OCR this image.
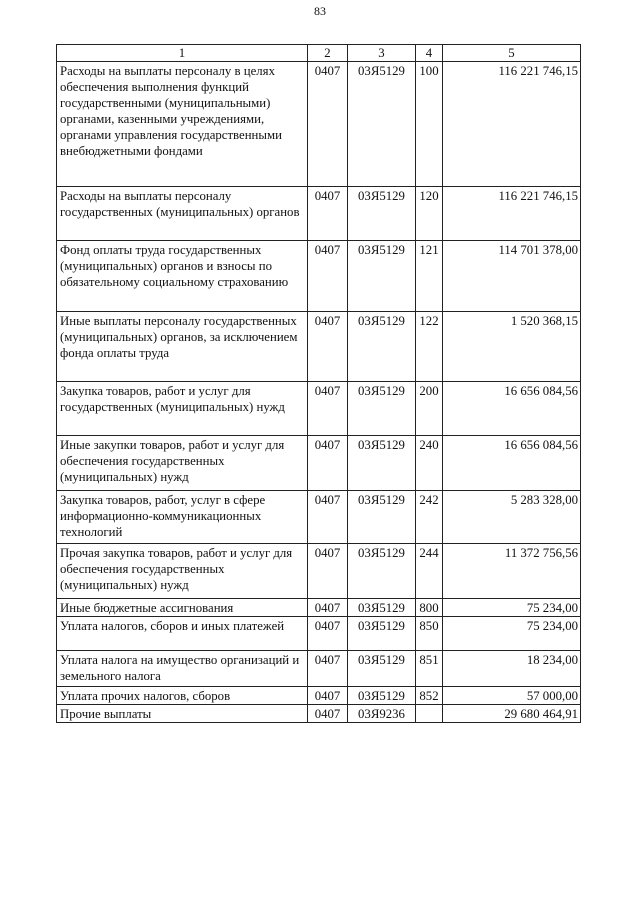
83
1	2	3	4	5
Расходы на выплаты персоналу в целях обеспечения выполнения функций государственными (муниципальными) органами, казенными учреждениями, органами управления государственными внебюджетными фондами	0407	03Я5129	100	116 221 746,15
Расходы на выплаты персоналу государственных (муниципальных) органов	0407	03Я5129	120	116 221 746,15
Фонд оплаты труда государственных (муниципальных) органов и взносы по обязательному социальному страхованию	0407	03Я5129	121	114 701 378,00
Иные выплаты персоналу государственных (муниципальных) органов, за исключением фонда оплаты труда	0407	03Я5129	122	1 520 368,15
Закупка товаров, работ и услуг для государственных (муниципальных) нужд	0407	03Я5129	200	16 656 084,56
Иные закупки товаров, работ и услуг для обеспечения государственных (муниципальных) нужд	0407	03Я5129	240	16 656 084,56
Закупка товаров, работ, услуг в сфере информационно-коммуникационных технологий	0407	03Я5129	242	5 283 328,00
Прочая закупка товаров, работ и услуг для обеспечения государственных (муниципальных) нужд	0407	03Я5129	244	11 372 756,56
Иные бюджетные ассигнования	0407	03Я5129	800	75 234,00
Уплата налогов, сборов и иных платежей	0407	03Я5129	850	75 234,00
Уплата налога на имущество организаций и земельного налога	0407	03Я5129	851	18 234,00
Уплата прочих налогов, сборов	0407	03Я5129	852	57 000,00
Прочие выплаты	0407	03Я9236		29 680 464,91
